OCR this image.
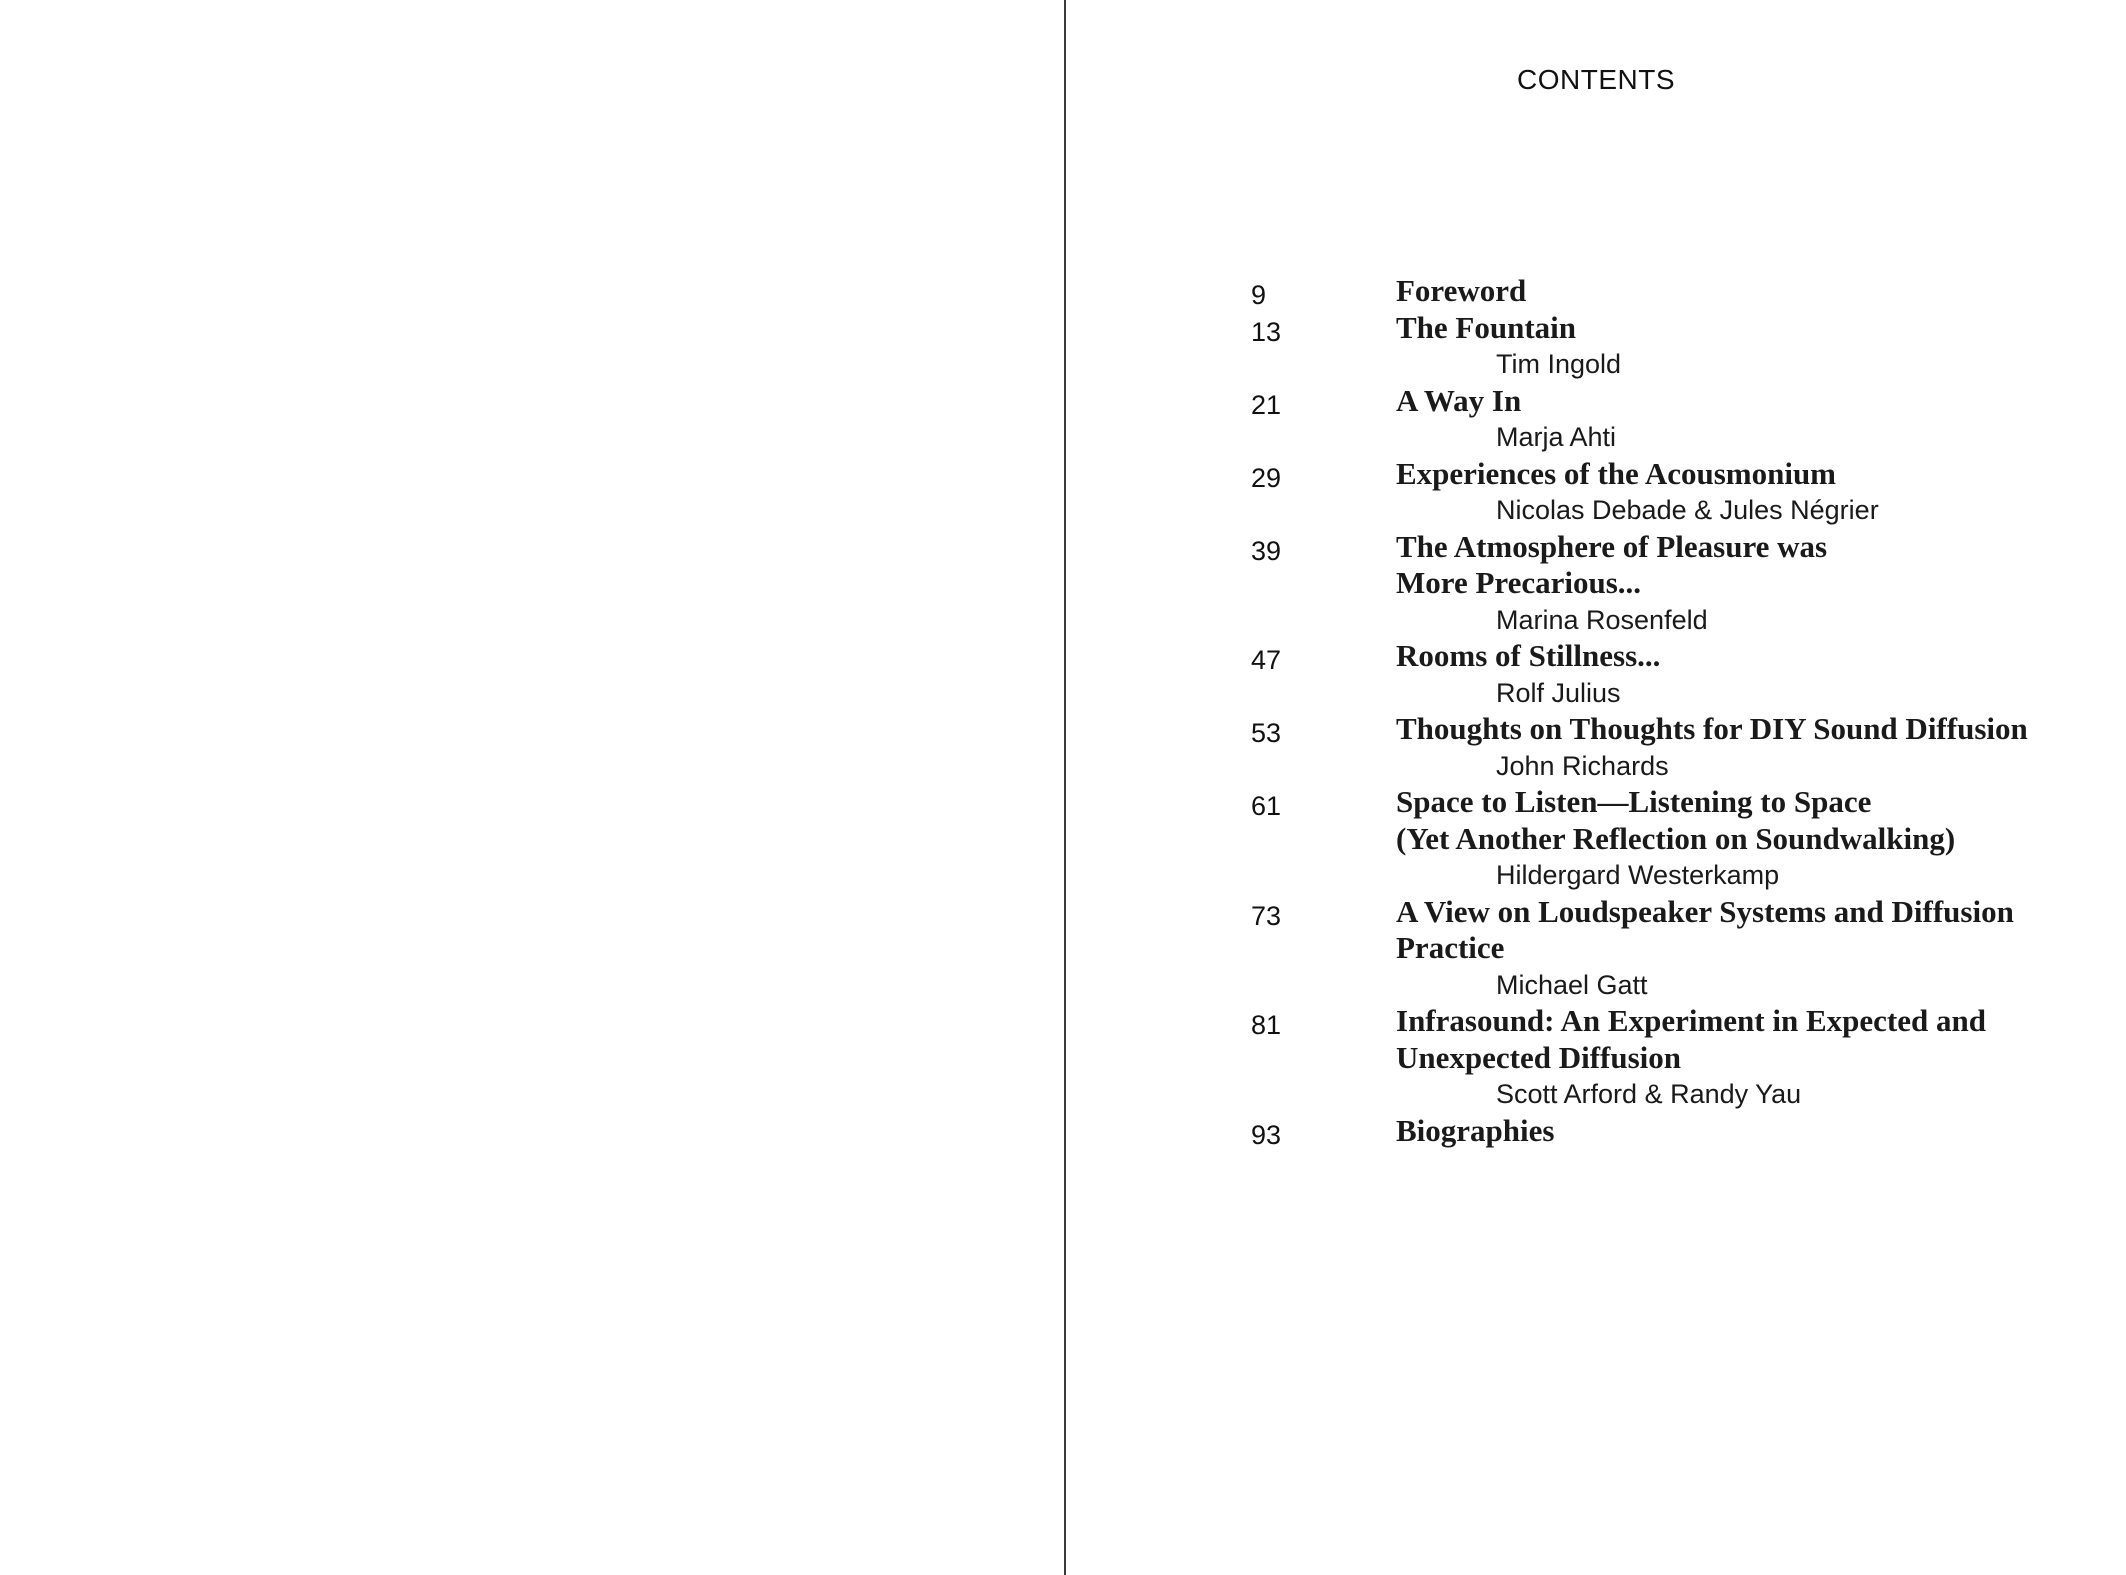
CONTENTS
9	Foreword
13	The Fountain
Tim Ingold
21	A Way In
Marja Ahti
29	Experiences of the Acousmonium
Nicolas Debade & Jules Négrier
39	The Atmosphere of Pleasure was
More Precarious...
Marina Rosenfeld
47	Rooms of Stillness...
Rolf Julius
53	Thoughts on Thoughts for DIY Sound Diffusion
John Richards
61	Space to Listen—Listening to Space
(Yet Another Reflection on Soundwalking)
Hildergard Westerkamp
73	A View on Loudspeaker Systems and Diffusion
Practice
Michael Gatt
81	Infrasound: An Experiment in Expected and
Unexpected Diffusion
Scott Arford & Randy Yau
93	Biographies
